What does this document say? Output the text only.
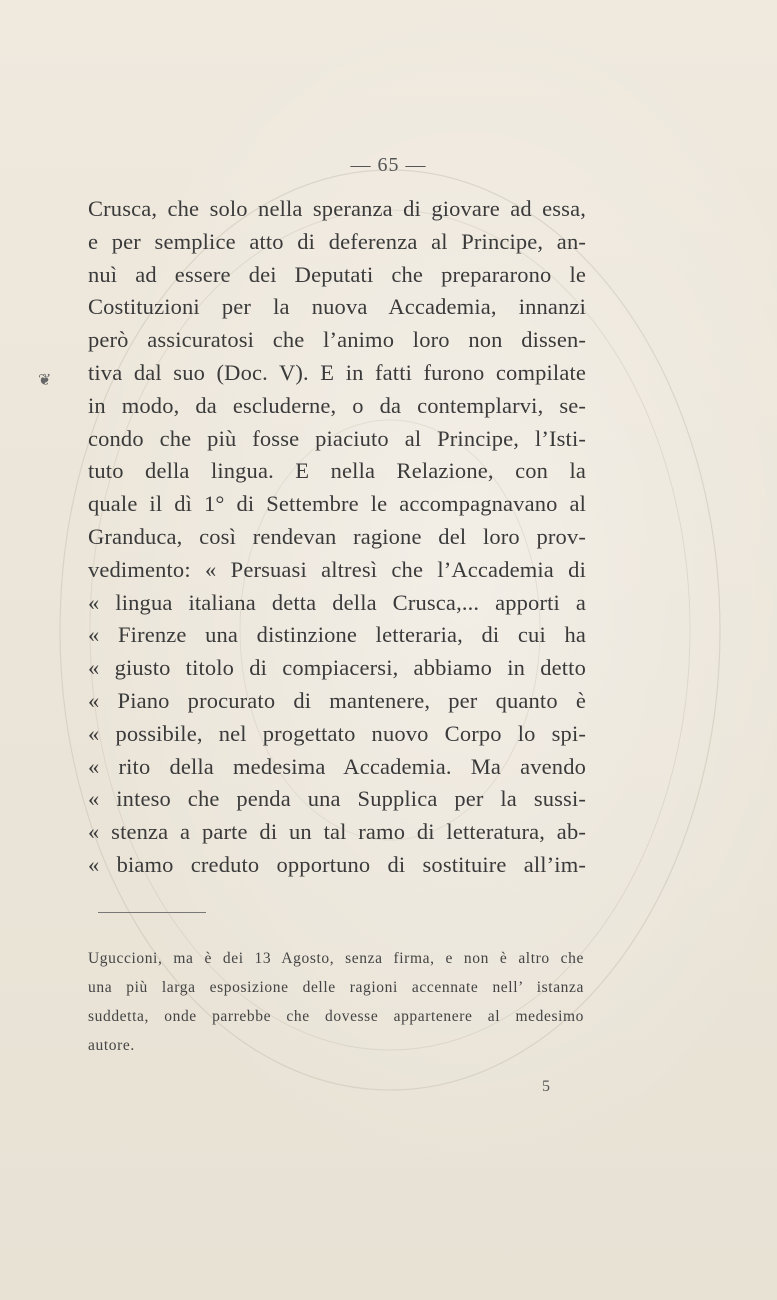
— 65 —
❦
Crusca, che solo nella speranza di giovare ad essa,
e per semplice atto di deferenza al Principe, an-
nuì ad essere dei Deputati che prepararono le
Costituzioni per la nuova Accademia, innanzi
però assicuratosi che l’animo loro non dissen-
tiva dal suo (Doc. V). E in fatti furono compilate
in modo, da escluderne, o da contemplarvi, se-
condo che più fosse piaciuto al Principe, l’Isti-
tuto della lingua. E nella Relazione, con la
quale il dì 1° di Settembre le accompagnavano al
Granduca, così rendevan ragione del loro prov-
vedimento: « Persuasi altresì che l’Accademia di
« lingua italiana detta della Crusca,... apporti a
« Firenze una distinzione letteraria, di cui ha
« giusto titolo di compiacersi, abbiamo in detto
« Piano procurato di mantenere, per quanto è
« possibile, nel progettato nuovo Corpo lo spi-
« rito della medesima Accademia. Ma avendo
« inteso che penda una Supplica per la sussi-
« stenza a parte di un tal ramo di letteratura, ab-
« biamo creduto opportuno di sostituire all’im-
Uguccioni, ma è dei 13 Agosto, senza firma, e non è altro che
una più larga esposizione delle ragioni accennate nell’ istanza
suddetta, onde parrebbe che dovesse appartenere al medesimo
autore.
5
